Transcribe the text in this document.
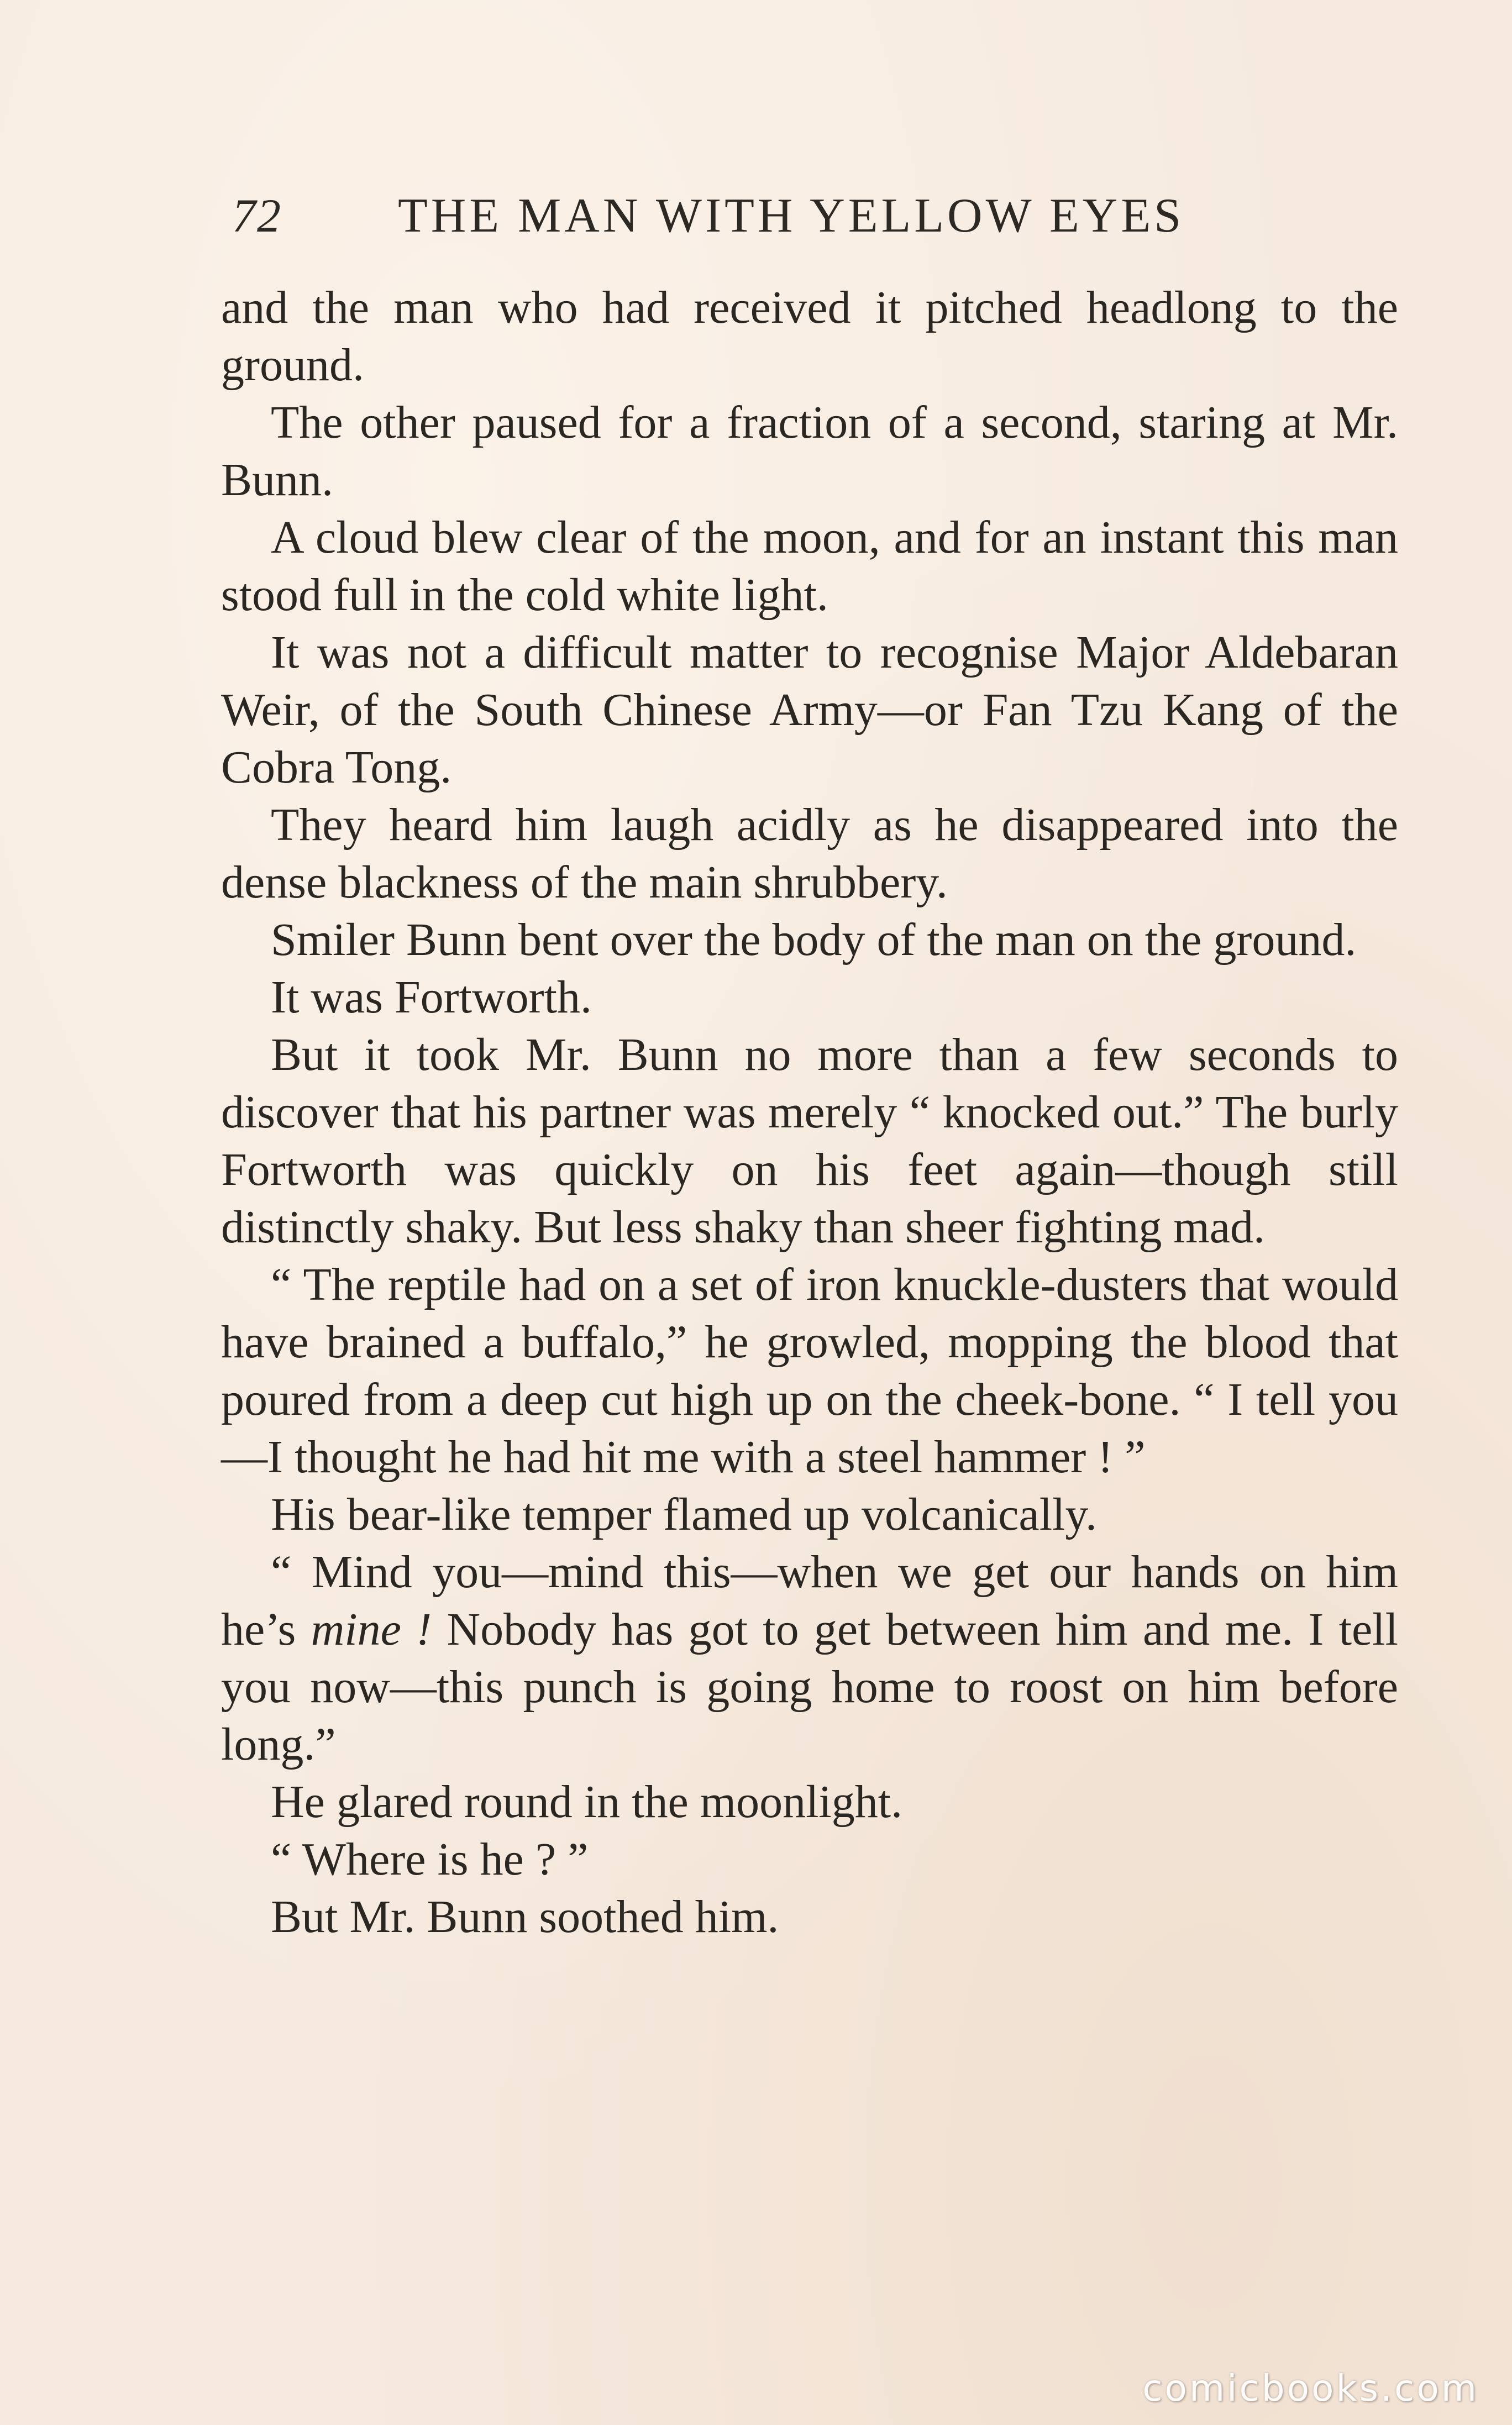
72 THE MAN WITH YELLOW EYES

and the man who had received it pitched headlong to the ground.

The other paused for a fraction of a second, staring at Mr. Bunn.

A cloud blew clear of the moon, and for an instant this man stood full in the cold white light.

It was not a difficult matter to recognise Major Aldebaran Weir, of the South Chinese Army—or Fan Tzu Kang of the Cobra Tong.

They heard him laugh acidly as he disappeared into the dense blackness of the main shrubbery.

Smiler Bunn bent over the body of the man on the ground.

It was Fortworth.

But it took Mr. Bunn no more than a few seconds to discover that his partner was merely “ knocked out.” The burly Fortworth was quickly on his feet again—though still distinctly shaky. But less shaky than sheer fighting mad.

“ The reptile had on a set of iron knuckle-dusters that would have brained a buffalo,” he growled, mopping the blood that poured from a deep cut high up on the cheek-bone. “ I tell you—I thought he had hit me with a steel hammer ! ”

His bear-like temper flamed up volcanically.

“ Mind you—mind this—when we get our hands on him he’s mine ! Nobody has got to get between him and me. I tell you now—this punch is going home to roost on him before long.”

He glared round in the moonlight.

“ Where is he ? ”

But Mr. Bunn soothed him.

comicbooks.com
